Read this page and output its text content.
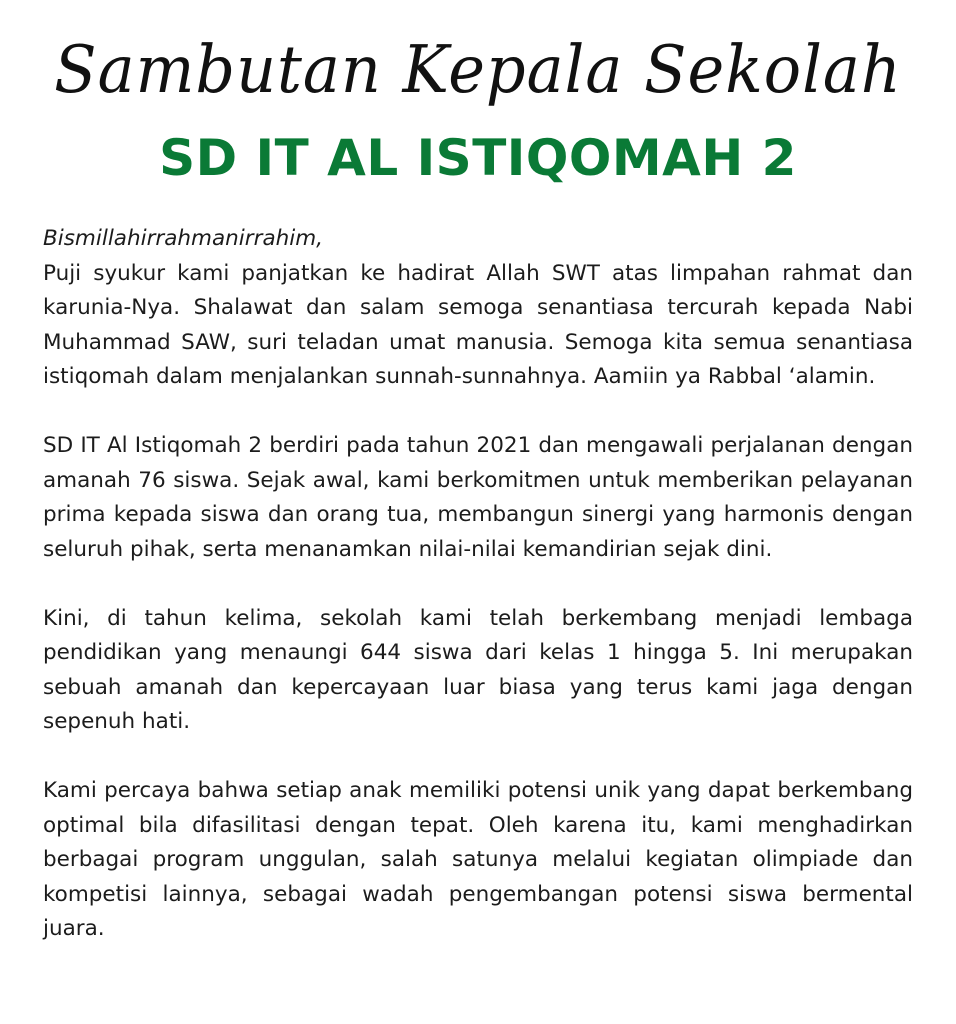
Sambutan Kepala Sekolah
SD IT AL ISTIQOMAH 2

Bismillahirrahmanirrahim,

Puji syukur kami panjatkan ke hadirat Allah SWT atas limpahan rahmat dan karunia-Nya. Shalawat dan salam semoga senantiasa tercurah kepada Nabi Muhammad SAW, suri teladan umat manusia. Semoga kita semua senantiasa istiqomah dalam menjalankan sunnah-sunnahnya. Aamiin ya Rabbal ‘alamin.

SD IT Al Istiqomah 2 berdiri pada tahun 2021 dan mengawali perjalanan dengan amanah 76 siswa. Sejak awal, kami berkomitmen untuk memberikan pelayanan prima kepada siswa dan orang tua, membangun sinergi yang harmonis dengan seluruh pihak, serta menanamkan nilai-nilai kemandirian sejak dini.

Kini, di tahun kelima, sekolah kami telah berkembang menjadi lembaga pendidikan yang menaungi 644 siswa dari kelas 1 hingga 5. Ini merupakan sebuah amanah dan kepercayaan luar biasa yang terus kami jaga dengan sepenuh hati.

Kami percaya bahwa setiap anak memiliki potensi unik yang dapat berkembang optimal bila difasilitasi dengan tepat. Oleh karena itu, kami menghadirkan berbagai program unggulan, salah satunya melalui kegiatan olimpiade dan kompetisi lainnya, sebagai wadah pengembangan potensi siswa bermental juara.
